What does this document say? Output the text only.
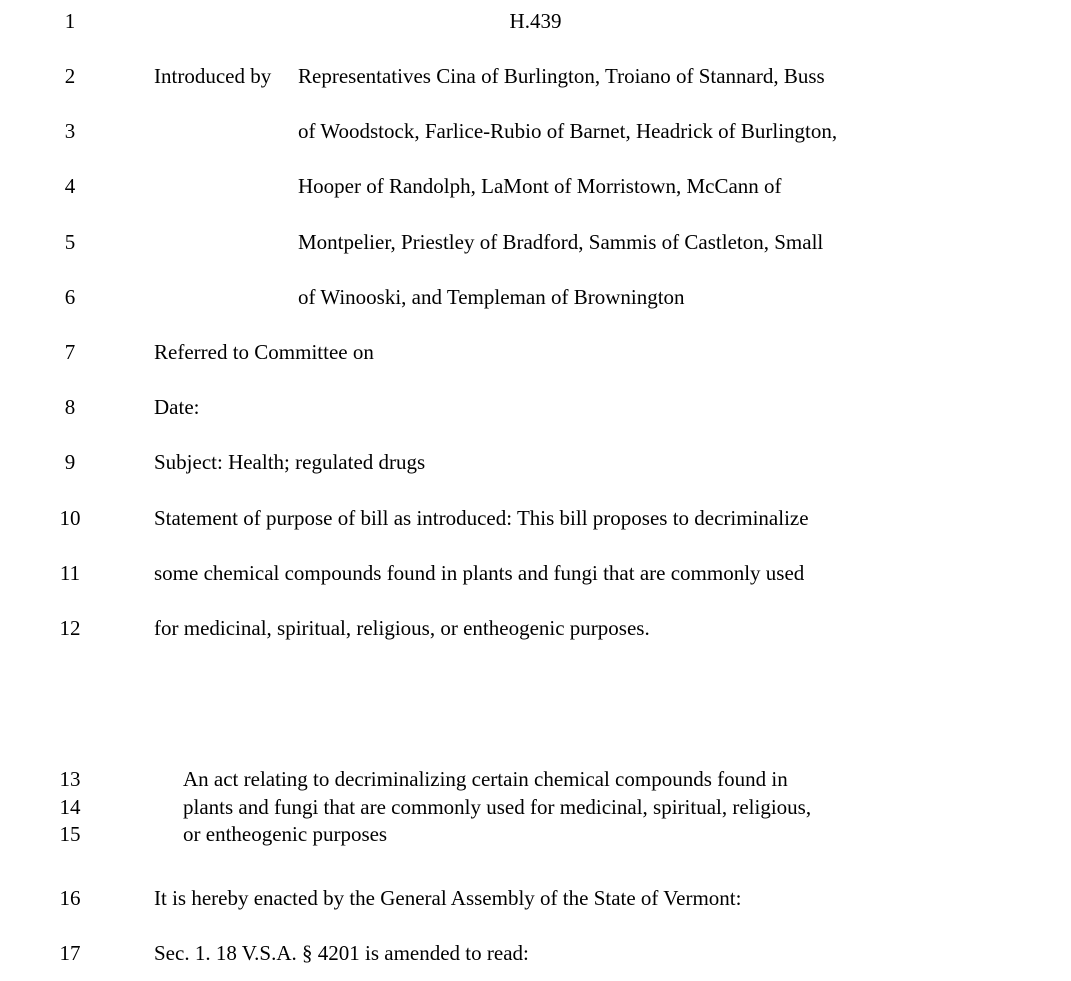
1	H.439
2	Introduced by Representatives Cina of Burlington, Troiano of Stannard, Buss
3	of Woodstock, Farlice-Rubio of Barnet, Headrick of Burlington,
4	Hooper of Randolph, LaMont of Morristown, McCann of
5	Montpelier, Priestley of Bradford, Sammis of Castleton, Small
6	of Winooski, and Templeman of Brownington
7	Referred to Committee on
8	Date:
9	Subject: Health; regulated drugs
10	Statement of purpose of bill as introduced: This bill proposes to decriminalize
11	some chemical compounds found in plants and fungi that are commonly used
12	for medicinal, spiritual, religious, or entheogenic purposes.
13	An act relating to decriminalizing certain chemical compounds found in
14	plants and fungi that are commonly used for medicinal, spiritual, religious,
15	or entheogenic purposes
16	It is hereby enacted by the General Assembly of the State of Vermont:
17	Sec. 1. 18 V.S.A. § 4201 is amended to read:
